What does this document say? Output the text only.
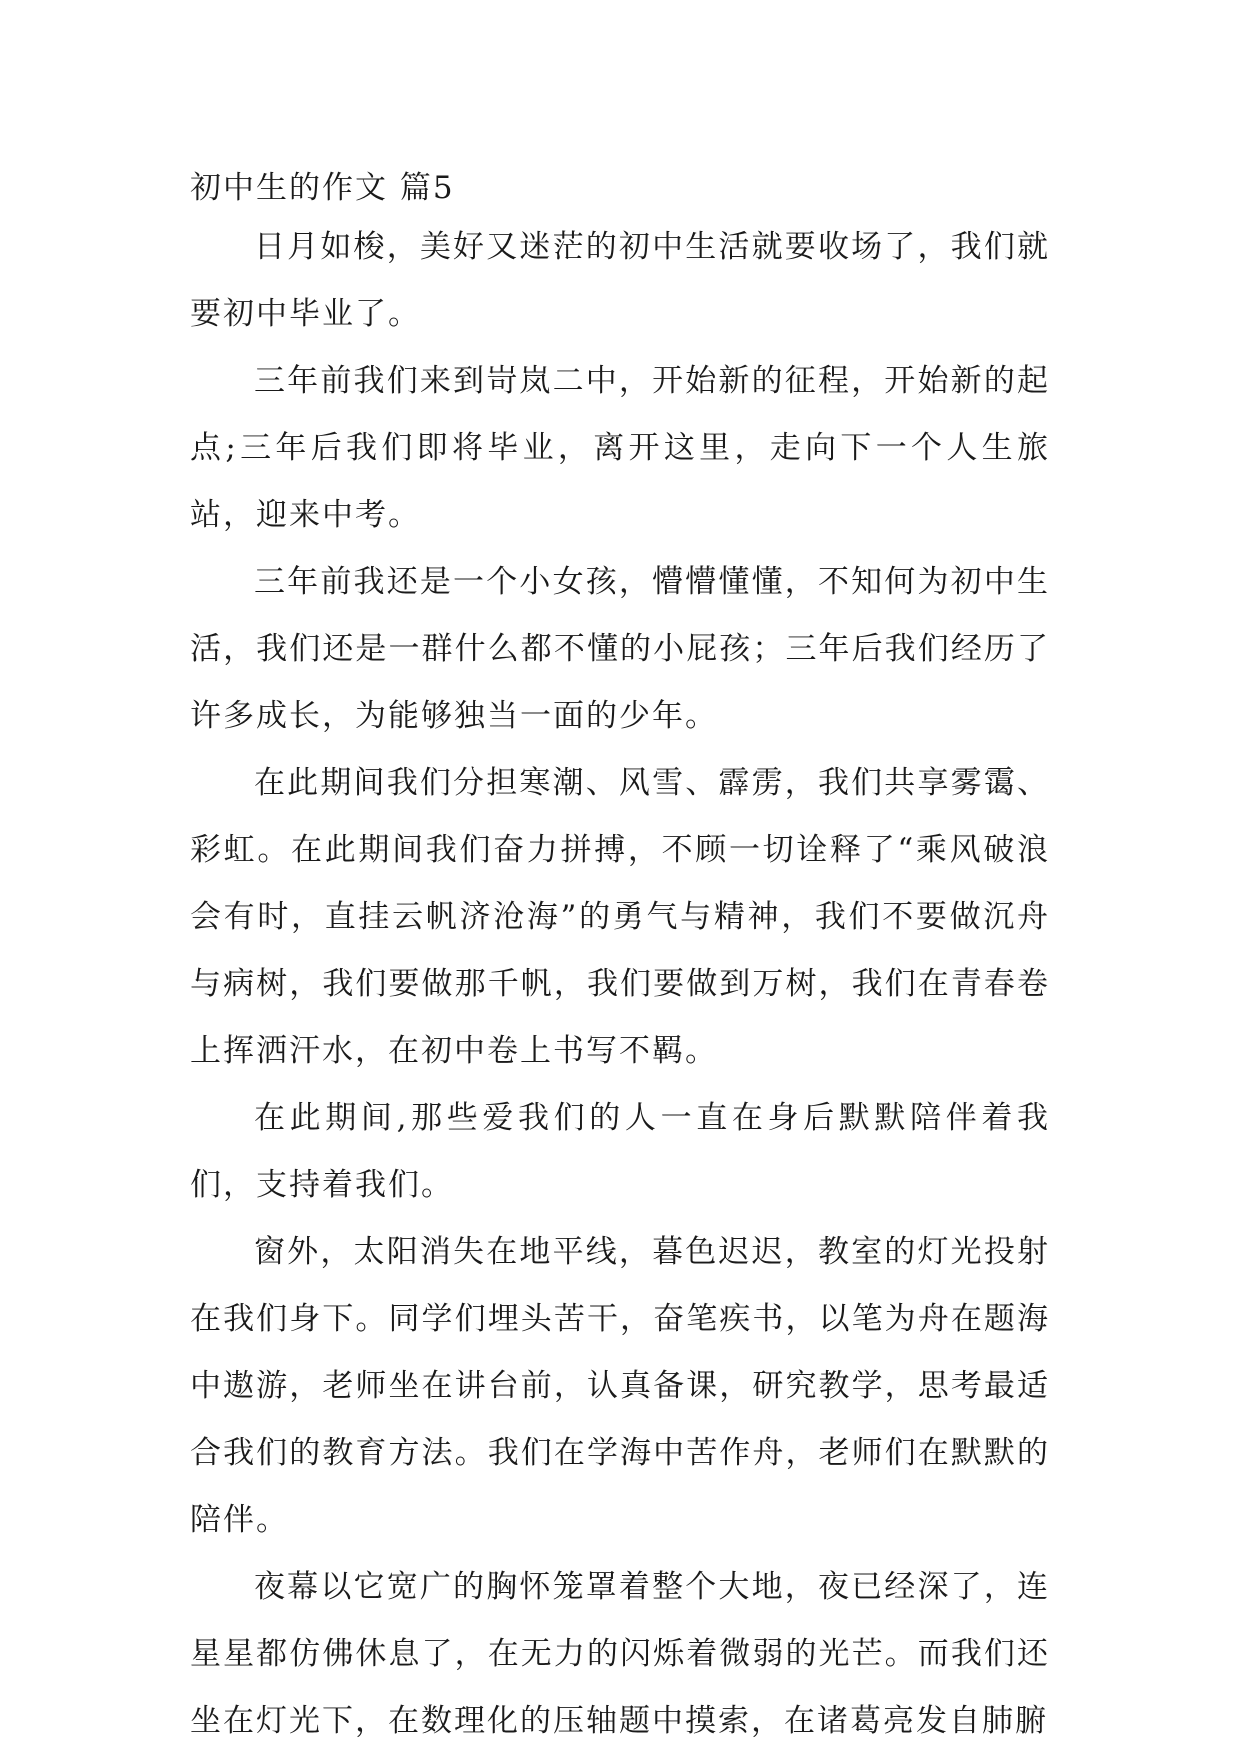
初中生的作文 篇5

日月如梭，美好又迷茫的初中生活就要收场了，我们就要初中毕业了。

三年前我们来到岢岚二中，开始新的征程，开始新的起点;三年后我们即将毕业，离开这里，走向下一个人生旅站，迎来中考。

三年前我还是一个小女孩，懵懵懂懂，不知何为初中生活，我们还是一群什么都不懂的小屁孩；三年后我们经历了许多成长，为能够独当一面的少年。

在此期间我们分担寒潮、风雪、霹雳，我们共享雾霭、彩虹。在此期间我们奋力拼搏，不顾一切诠释了“乘风破浪会有时，直挂云帆济沧海”的勇气与精神，我们不要做沉舟与病树，我们要做那千帆，我们要做到万树，我们在青春卷上挥洒汗水，在初中卷上书写不羁。

在此期间,那些爱我们的人一直在身后默默陪伴着我们，支持着我们。

窗外，太阳消失在地平线，暮色迟迟，教室的灯光投射在我们身下。同学们埋头苦干，奋笔疾书，以笔为舟在题海中遨游，老师坐在讲台前，认真备课，研究教学，思考最适合我们的教育方法。我们在学海中苦作舟，老师们在默默的陪伴。

夜幕以它宽广的胸怀笼罩着整个大地，夜已经深了，连星星都仿佛休息了，在无力的闪烁着微弱的光芒。而我们还坐在灯光下，在数理化的压轴题中摸索，在诸葛亮发自肺腑
